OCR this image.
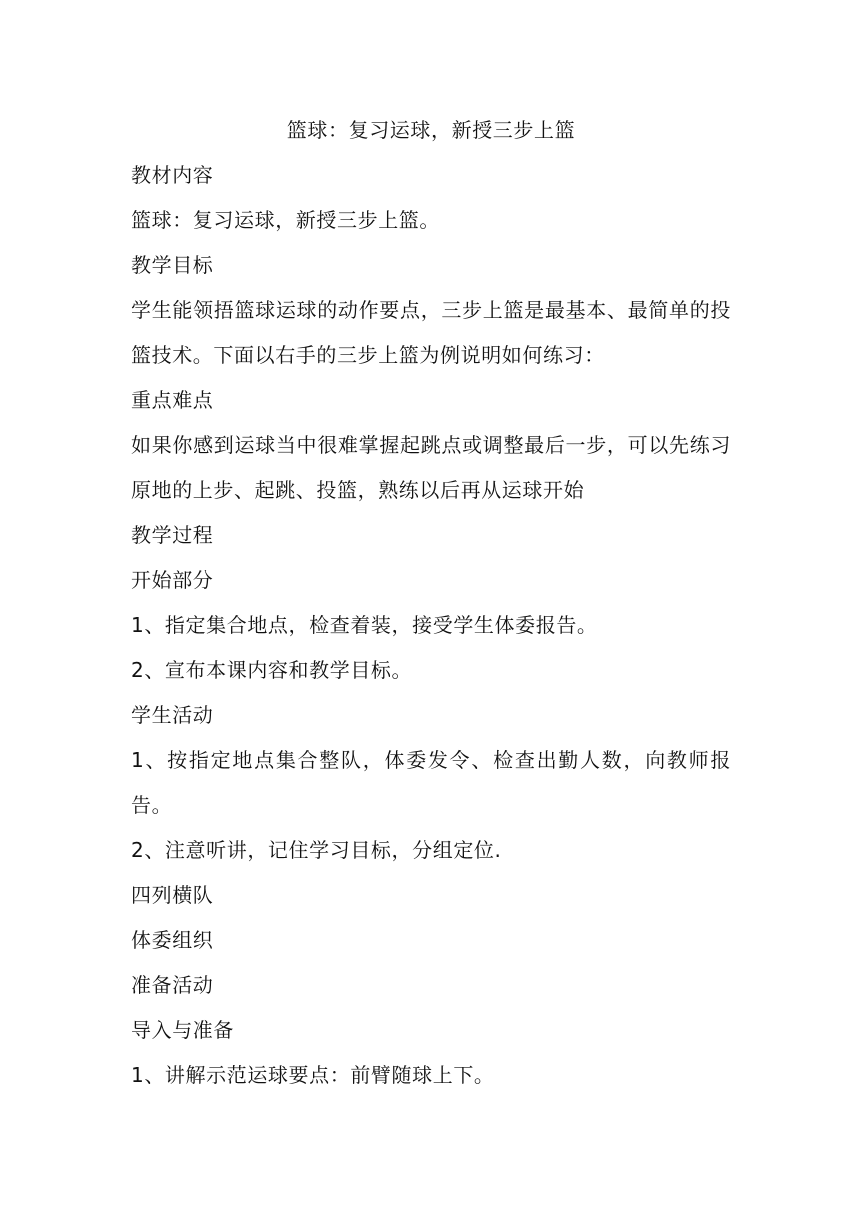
篮球：复习运球，新授三步上篮
教材内容
篮球：复习运球，新授三步上篮。
教学目标
学生能领捂篮球运球的动作要点，三步上篮是最基本、最简单的投篮技术。下面以右手的三步上篮为例说明如何练习：
重点难点
如果你感到运球当中很难掌握起跳点或调整最后一步，可以先练习原地的上步、起跳、投篮，熟练以后再从运球开始
教学过程
开始部分
1、指定集合地点，检查着装，接受学生体委报告。
2、宣布本课内容和教学目标。
学生活动
1、按指定地点集合整队，体委发令、检查出勤人数，向教师报告。
2、注意听讲，记住学习目标，分组定位.
四列横队
体委组织
准备活动
导入与准备
1、讲解示范运球要点：前臂随球上下。
